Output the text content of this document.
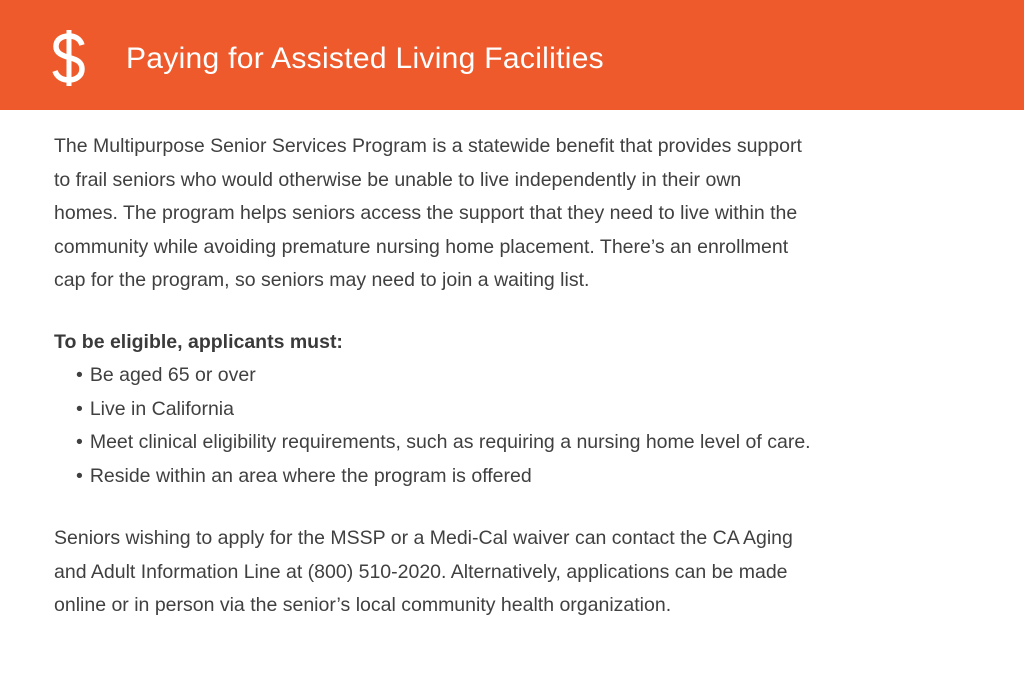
Paying for Assisted Living Facilities

The Multipurpose Senior Services Program is a statewide benefit that provides support
to frail seniors who would otherwise be unable to live independently in their own
homes. The program helps seniors access the support that they need to live within the
community while avoiding premature nursing home placement. There’s an enrollment
cap for the program, so seniors may need to join a waiting list.

To be eligible, applicants must:

• Be aged 65 or over
• Live in California
• Meet clinical eligibility requirements, such as requiring a nursing home level of care.
• Reside within an area where the program is offered

Seniors wishing to apply for the MSSP or a Medi-Cal waiver can contact the CA Aging
and Adult Information Line at (800) 510-2020. Alternatively, applications can be made
online or in person via the senior’s local community health organization.
